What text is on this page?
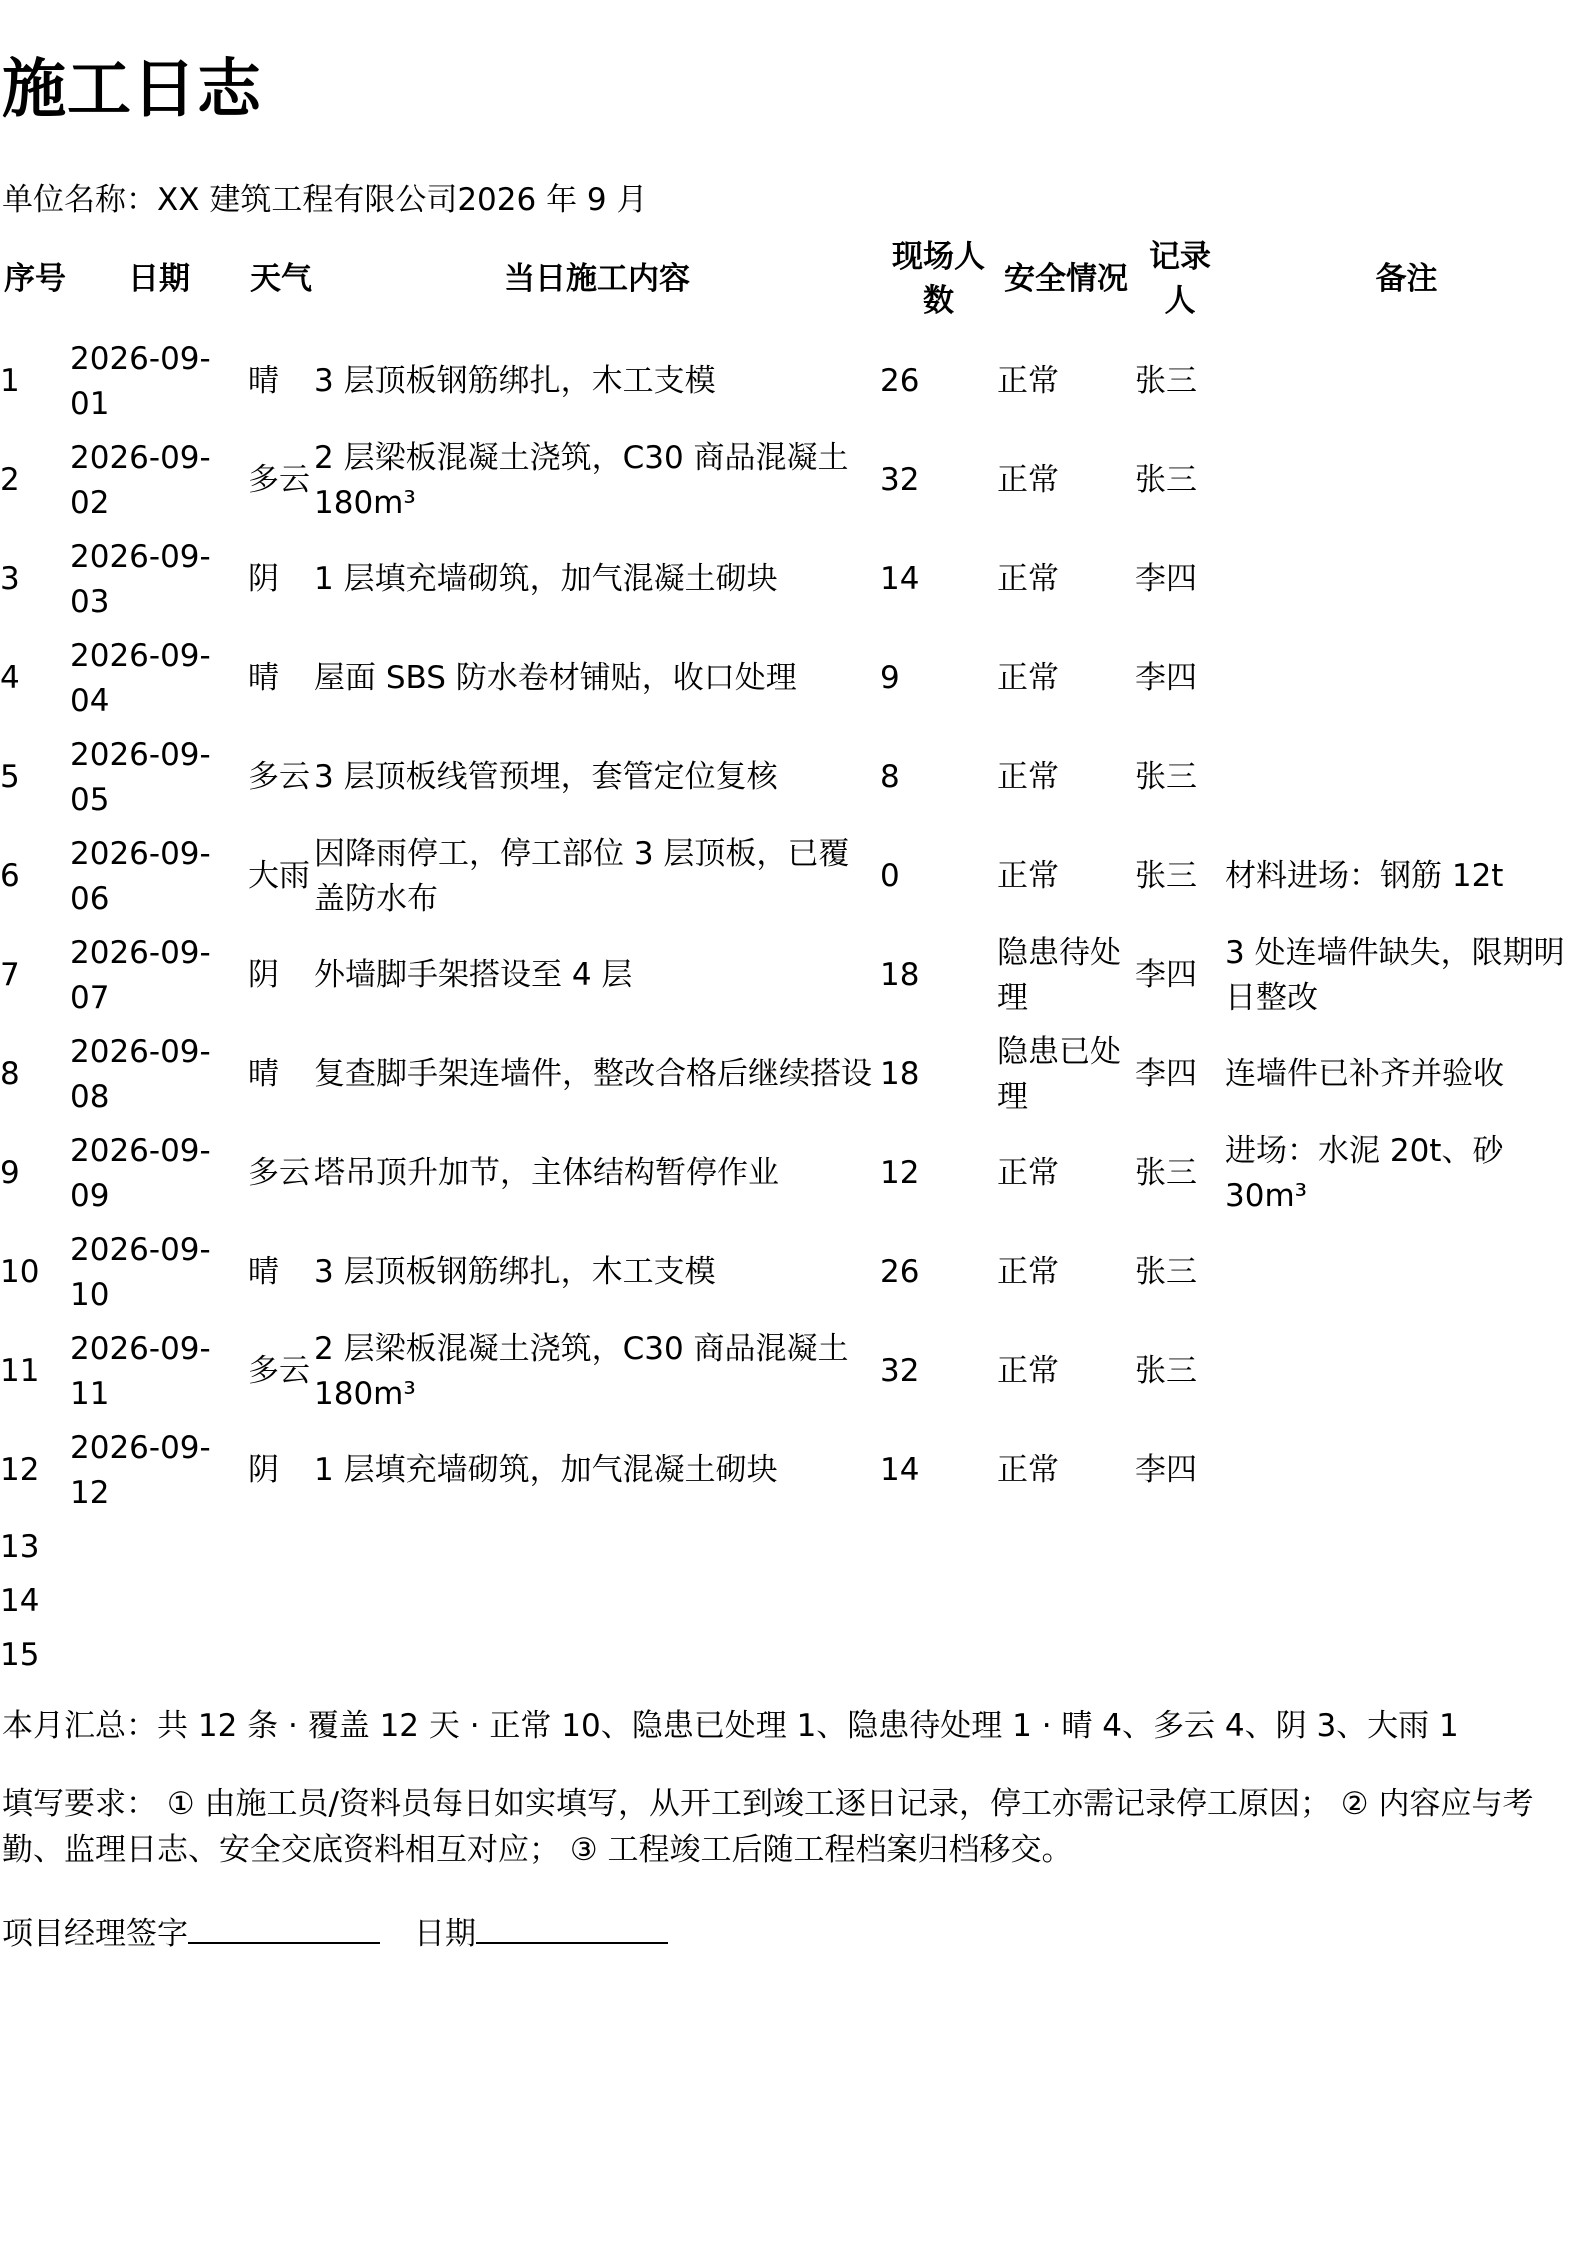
施工日志
单位名称：XX 建筑工程有限公司2026 年 9 月
序号	日期	天气	当日施工内容	现场人数	安全情况	记录人	备注
1	2026-09-01	晴	3 层顶板钢筋绑扎，木工支模	26	正常	张三	
2	2026-09-02	多云	2 层梁板混凝土浇筑，C30 商品混凝土 180m³	32	正常	张三	
3	2026-09-03	阴	1 层填充墙砌筑，加气混凝土砌块	14	正常	李四	
4	2026-09-04	晴	屋面 SBS 防水卷材铺贴，收口处理	9	正常	李四	
5	2026-09-05	多云	3 层顶板线管预埋，套管定位复核	8	正常	张三	
6	2026-09-06	大雨	因降雨停工，停工部位 3 层顶板，已覆盖防水布	0	正常	张三	材料进场：钢筋 12t
7	2026-09-07	阴	外墙脚手架搭设至 4 层	18	隐患待处理	李四	3 处连墙件缺失，限期明日整改
8	2026-09-08	晴	复查脚手架连墙件，整改合格后继续搭设	18	隐患已处理	李四	连墙件已补齐并验收
9	2026-09-09	多云	塔吊顶升加节，主体结构暂停作业	12	正常	张三	进场：水泥 20t、砂 30m³
10	2026-09-10	晴	3 层顶板钢筋绑扎，木工支模	26	正常	张三	
11	2026-09-11	多云	2 层梁板混凝土浇筑，C30 商品混凝土 180m³	32	正常	张三	
12	2026-09-12	阴	1 层填充墙砌筑，加气混凝土砌块	14	正常	李四	
13							
14							
15							
本月汇总：共 12 条 · 覆盖 12 天 · 正常 10、隐患已处理 1、隐患待处理 1 · 晴 4、多云 4、阴 3、大雨 1
填写要求： ① 由施工员/资料员每日如实填写，从开工到竣工逐日记录，停工亦需记录停工原因； ② 内容应与考勤、监理日志、安全交底资料相互对应； ③ 工程竣工后随工程档案归档移交。
项目经理签字	日期
